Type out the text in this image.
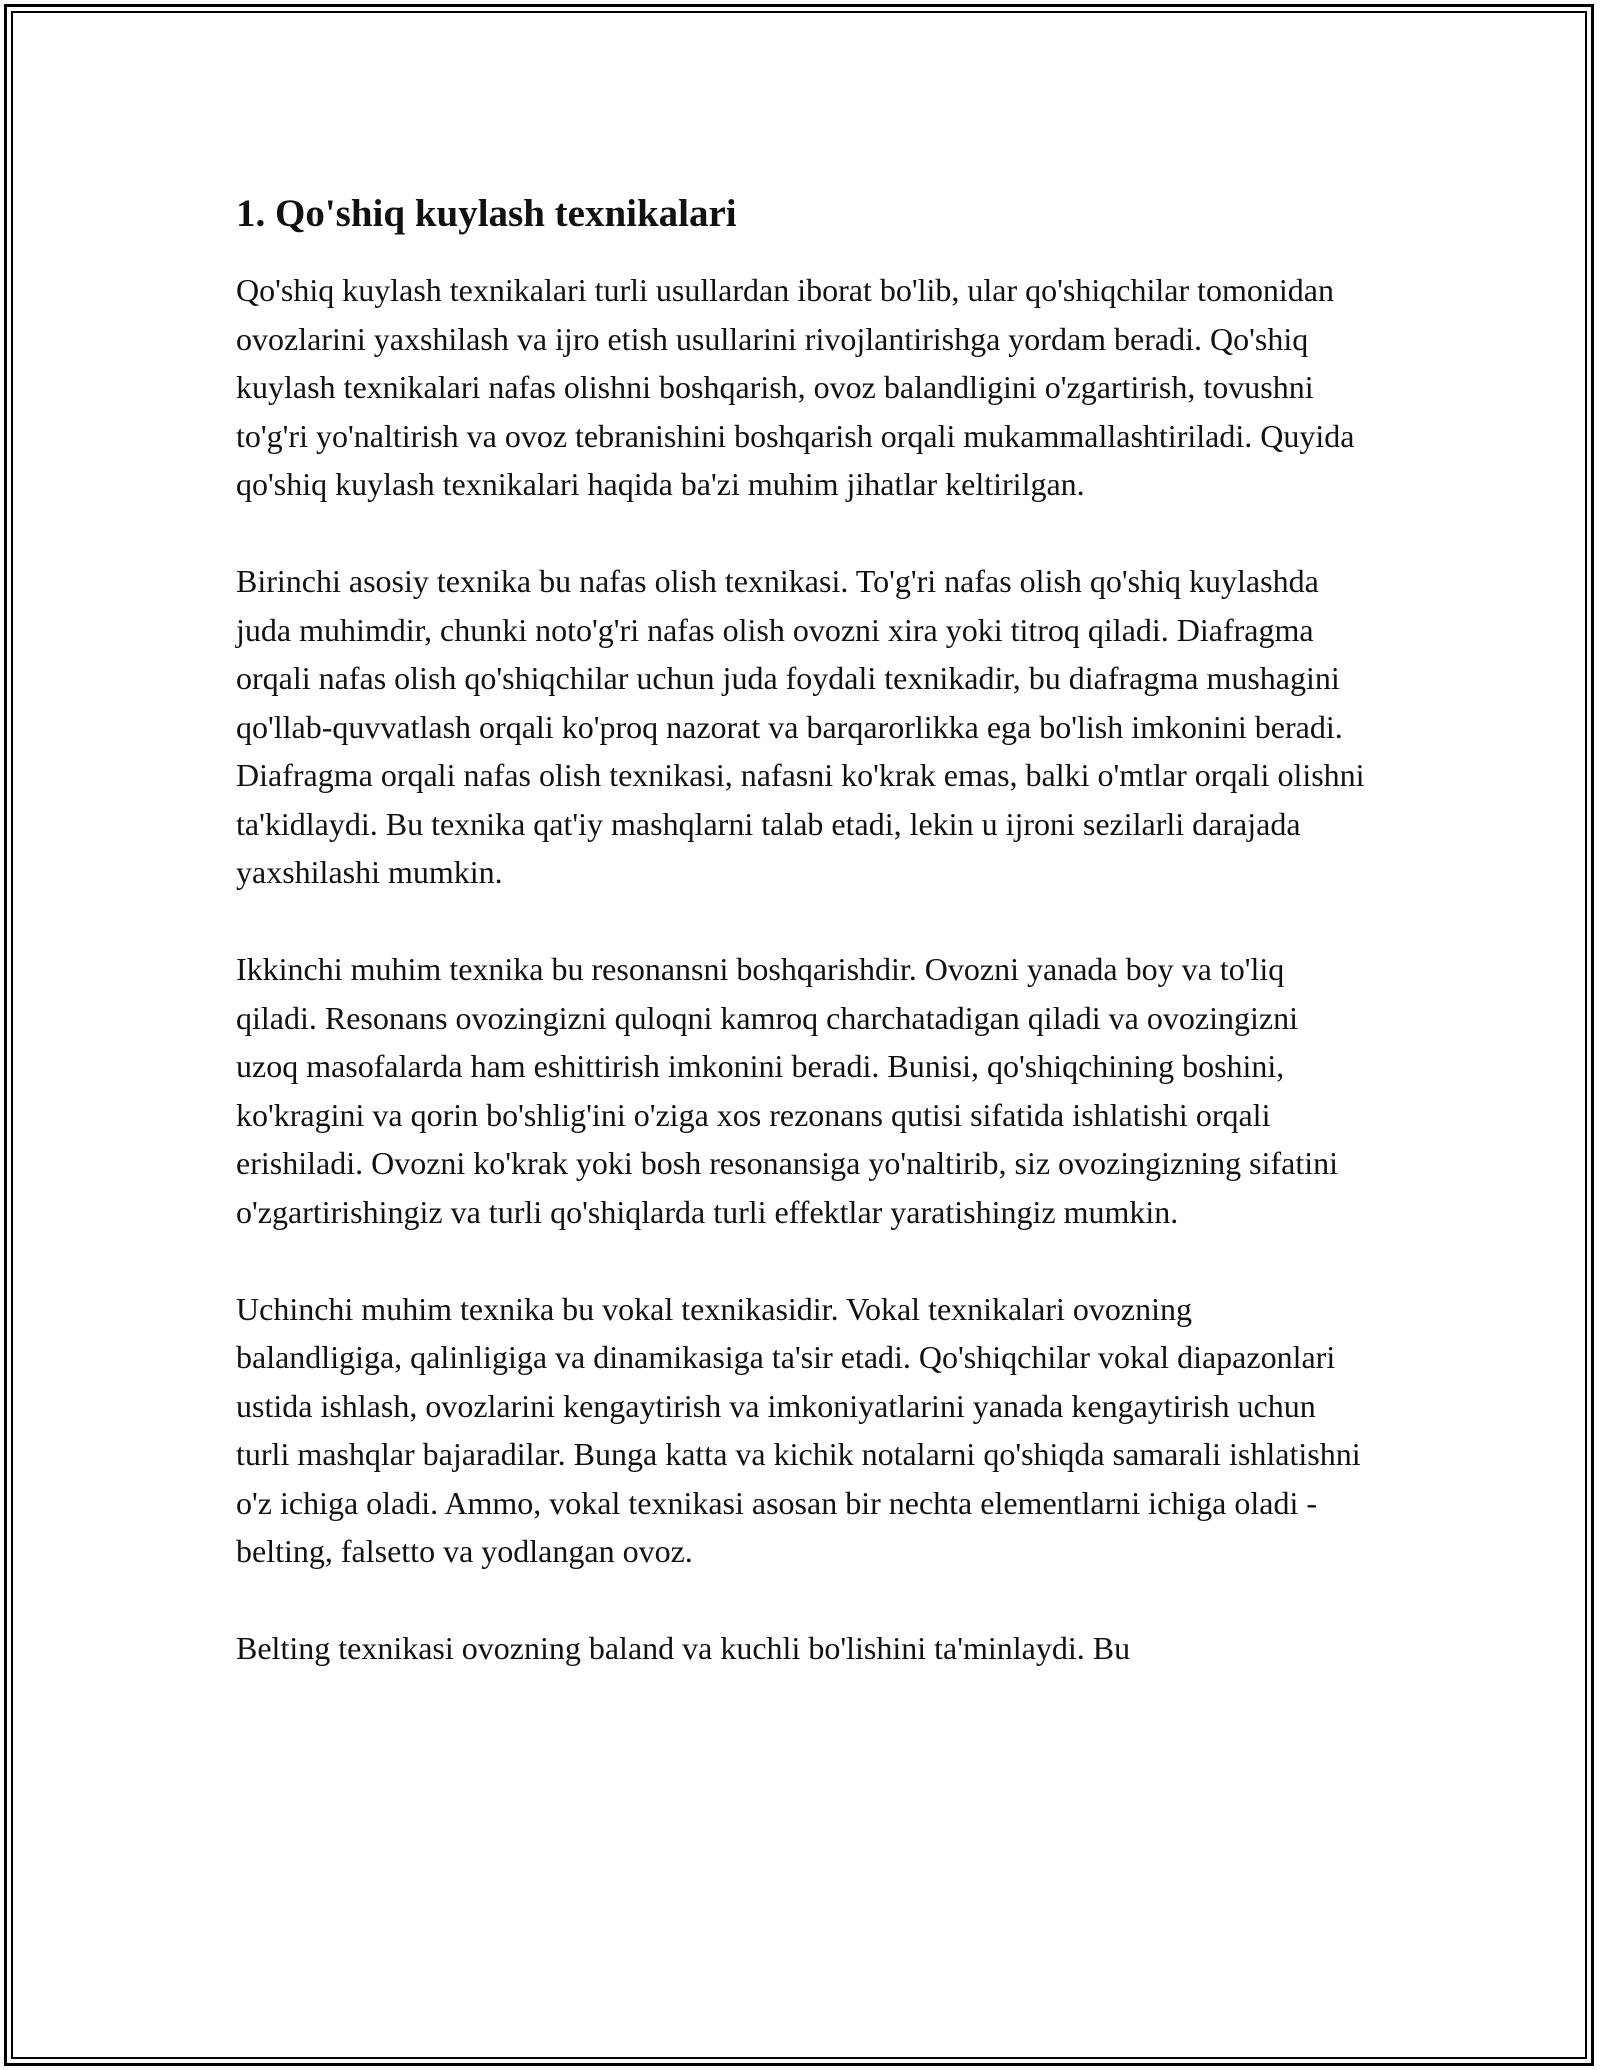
1. Qo'shiq kuylash texnikalari

Qo'shiq kuylash texnikalari turli usullardan iborat bo'lib, ular qo'shiqchilar tomonidan ovozlarini yaxshilash va ijro etish usullarini rivojlantirishga yordam beradi. Qo'shiq kuylash texnikalari nafas olishni boshqarish, ovoz balandligini o'zgartirish, tovushni to'g'ri yo'naltirish va ovoz tebranishini boshqarish orqali mukammallashtiriladi. Quyida qo'shiq kuylash texnikalari haqida ba'zi muhim jihatlar keltirilgan.

Birinchi asosiy texnika bu nafas olish texnikasi. To'g'ri nafas olish qo'shiq kuylashda juda muhimdir, chunki noto'g'ri nafas olish ovozni xira yoki titroq qiladi. Diafragma orqali nafas olish qo'shiqchilar uchun juda foydali texnikadir, bu diafragma mushagini qo'llab-quvvatlash orqali ko'proq nazorat va barqarorlikka ega bo'lish imkonini beradi. Diafragma orqali nafas olish texnikasi, nafasni ko'krak emas, balki o'mtlar orqali olishni ta'kidlaydi. Bu texnika qat'iy mashqlarni talab etadi, lekin u ijroni sezilarli darajada yaxshilashi mumkin.

Ikkinchi muhim texnika bu resonansni boshqarishdir. Ovozni yanada boy va to'liq qiladi. Resonans ovozingizni quloqni kamroq charchatadigan qiladi va ovozingizni uzoq masofalarda ham eshittirish imkonini beradi. Bunisi, qo'shiqchining boshini, ko'kragini va qorin bo'shlig'ini o'ziga xos rezonans qutisi sifatida ishlatishi orqali erishiladi. Ovozni ko'krak yoki bosh resonansiga yo'naltirib, siz ovozingizning sifatini o'zgartirishingiz va turli qo'shiqlarda turli effektlar yaratishingiz mumkin.

Uchinchi muhim texnika bu vokal texnikasidir. Vokal texnikalari ovozning balandligiga, qalinligiga va dinamikasiga ta'sir etadi. Qo'shiqchilar vokal diapazonlari ustida ishlash, ovozlarini kengaytirish va imkoniyatlarini yanada kengaytirish uchun turli mashqlar bajaradilar. Bunga katta va kichik notalarni qo'shiqda samarali ishlatishni o'z ichiga oladi. Ammo, vokal texnikasi asosan bir nechta elementlarni ichiga oladi - belting, falsetto va yodlangan ovoz.

Belting texnikasi ovozning baland va kuchli bo'lishini ta'minlaydi. Bu
